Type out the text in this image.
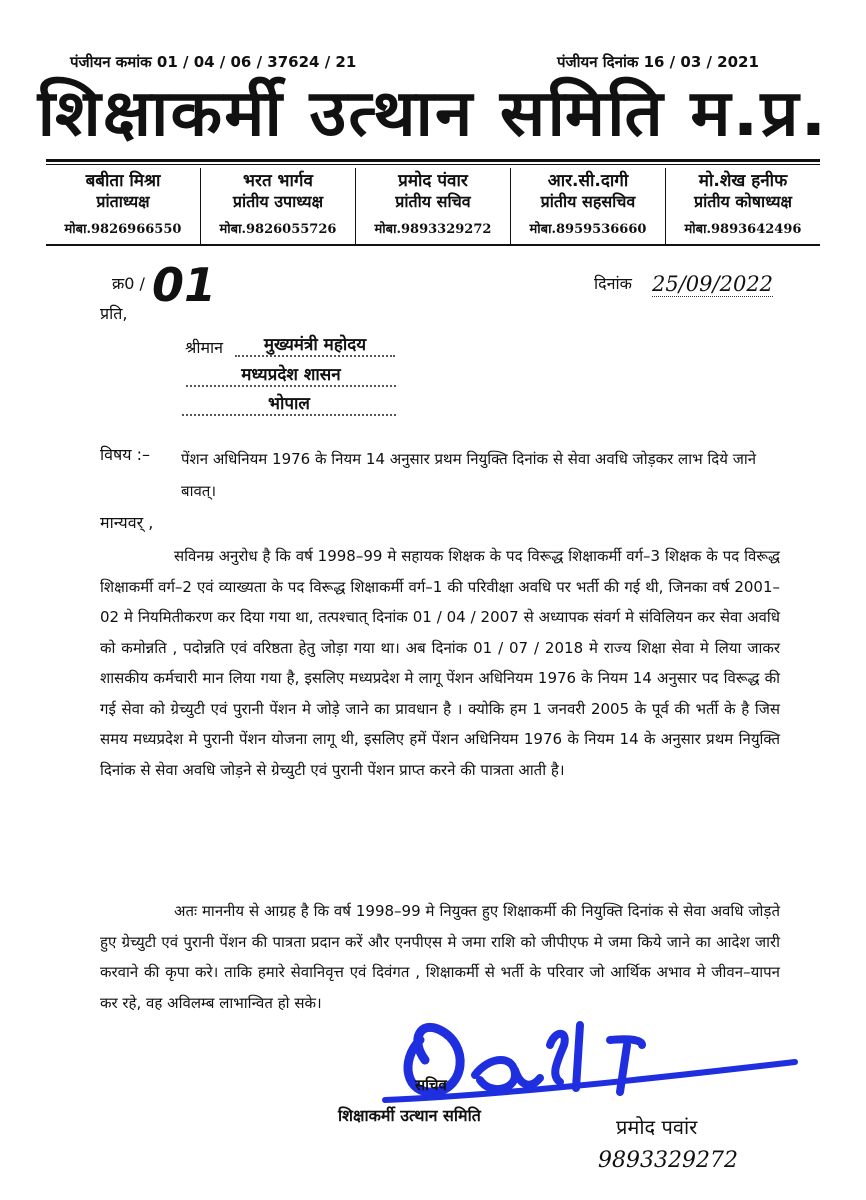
पंजीयन कमांक 01 / 04 / 06 / 37624 / 21	पंजीयन दिनांक 16 / 03 / 2021
शिक्षाकर्मी उत्थान समिति म.प्र.
बबीता मिश्रा
प्रांताध्यक्ष
मोबा.9826966550
भरत भार्गव
प्रांतीय उपाध्यक्ष
मोबा.9826055726
प्रमोद पंवार
प्रांतीय सचिव
मोबा.9893329272
आर.सी.दागी
प्रांतीय सहसचिव
मोबा.8959536660
मो.शेख हनीफ
प्रांतीय कोषाध्यक्ष
मोबा.9893642496
क्र0 / 01	दिनांक 25/09/2022
प्रति,
श्रीमान	मुख्यमंत्री महोदय
मध्यप्रदेश शासन
भोपाल
विषय :– पेंशन अधिनियम 1976 के नियम 14 अनुसार प्रथम नियुक्ति दिनांक से सेवा अवधि जोड़कर लाभ दिये जाने बावत्।
मान्यवर् ,
सविनम्र अनुरोध है कि वर्ष 1998–99 मे सहायक शिक्षक के पद विरूद्ध शिक्षाकर्मी वर्ग–3 शिक्षक के पद विरूद्ध शिक्षाकर्मी वर्ग–2 एवं व्याख्यता के पद विरूद्ध शिक्षाकर्मी वर्ग–1 की परिवीक्षा अवधि पर भर्ती की गई थी, जिनका वर्ष 2001–02 मे नियमितीकरण कर दिया गया था, तत्पश्चात् दिनांक 01 / 04 / 2007 से अध्यापक संवर्ग मे संविलियन कर सेवा अवधि को कमोन्नति , पदोन्नति एवं वरिष्ठता हेतु जोड़ा गया था। अब दिनांक 01 / 07 / 2018 मे राज्य शिक्षा सेवा मे लिया जाकर शासकीय कर्मचारी मान लिया गया है, इसलिए मध्यप्रदेश मे लागू पेंशन अधिनियम 1976 के नियम 14 अनुसार पद विरूद्ध की गई सेवा को ग्रेच्युटी एवं पुरानी पेंशन मे जोड़े जाने का प्रावधान है । क्योकि हम 1 जनवरी 2005 के पूर्व की भर्ती के है जिस समय मध्यप्रदेश मे पुरानी पेंशन योजना लागू थी, इसलिए हमें पेंशन अधिनियम 1976 के नियम 14 के अनुसार प्रथम नियुक्ति दिनांक से सेवा अवधि जोड़ने से ग्रेच्युटी एवं पुरानी पेंशन प्राप्त करने की पात्रता आती है।
अतः माननीय से आग्रह है कि वर्ष 1998–99 मे नियुक्त हुए शिक्षाकर्मी की नियुक्ति दिनांक से सेवा अवधि जोड़ते हुए ग्रेच्युटी एवं पुरानी पेंशन की पात्रता प्रदान करें और एनपीएस मे जमा राशि को जीपीएफ मे जमा किये जाने का आदेश जारी करवाने की कृपा करे। ताकि हमारे सेवानिवृत्त एवं दिवंगत , शिक्षाकर्मी से भर्ती के परिवार जो आर्थिक अभाव मे जीवन–यापन कर रहे, वह अविलम्ब लाभान्वित हो सके।
सचिव
शिक्षाकर्मी उत्थान समिति	प्रमोद पवांर
9893329272
